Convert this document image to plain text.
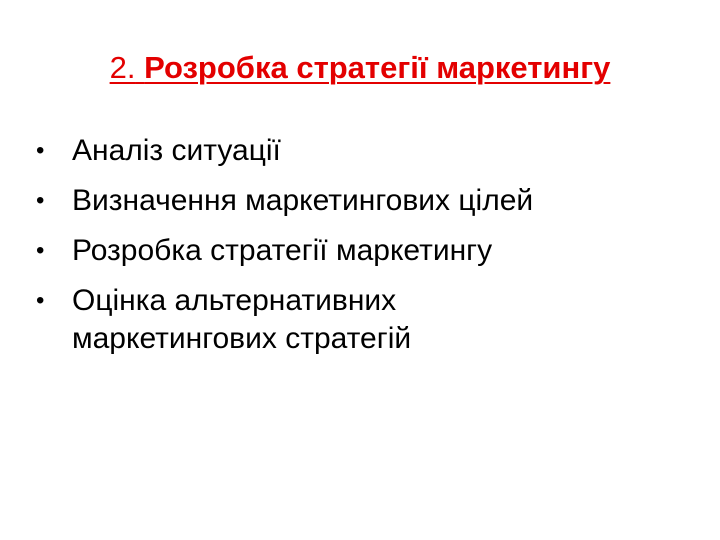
2. Розробка стратегії маркетингу
• Аналіз ситуації
• Визначення маркетингових цілей
• Розробка стратегії маркетингу
• Оцінка альтернативних
маркетингових стратегій
